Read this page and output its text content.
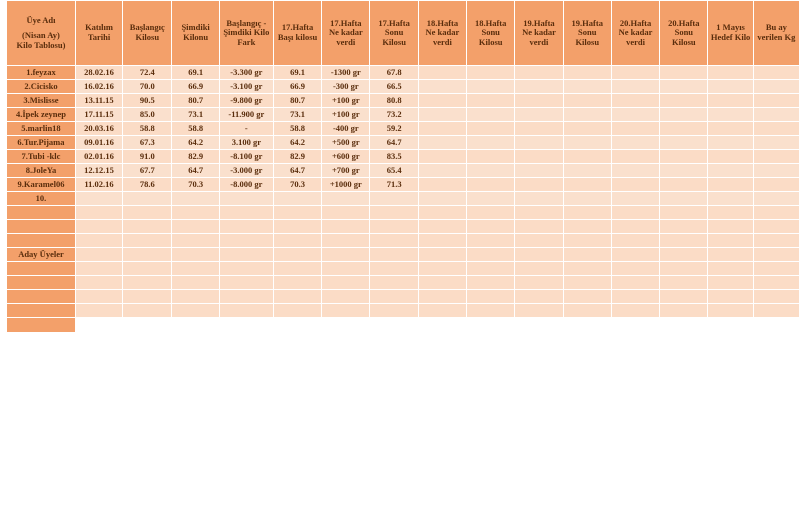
Üye Adı
(Nisan Ay)
Kilo Tablosu)	Katılım Tarihi	Başlangıç Kilosu	Şimdiki Kilonu	Başlangıç - Şimdiki Kilo Fark	17.Hafta Başı kilosu	17.Hafta Ne kadar verdi	17.Hafta Sonu Kilosu	18.Hafta Ne kadar verdi	18.Hafta Sonu Kilosu	19.Hafta Ne kadar verdi	19.Hafta Sonu Kilosu	20.Hafta Ne kadar verdi	20.Hafta Sonu Kilosu	1 Mayıs Hedef Kilo	Bu ay verilen Kg
1.feyzax	28.02.16	72.4	69.1	-3.300 gr	69.1	-1300 gr	67.8								
2.Cicisko	16.02.16	70.0	66.9	-3.100 gr	66.9	-300 gr	66.5								
3.Mislisse	13.11.15	90.5	80.7	-9.800 gr	80.7	+100 gr	80.8								
4.İpek zeynep	17.11.15	85.0	73.1	-11.900 gr	73.1	+100 gr	73.2								
5.marlin18	20.03.16	58.8	58.8	-	58.8	-400 gr	59.2								
6.Tur.Pijama	09.01.16	67.3	64.2	3.100 gr	64.2	+500 gr	64.7								
7.Tubi -klc	02.01.16	91.0	82.9	-8.100 gr	82.9	+600 gr	83.5								
8.JoleYa	12.12.15	67.7	64.7	-3.000 gr	64.7	+700 gr	65.4								
9.Karamel06	11.02.16	78.6	70.3	-8.000 gr	70.3	+1000 gr	71.3								
10.															

Aday Üyeler															
